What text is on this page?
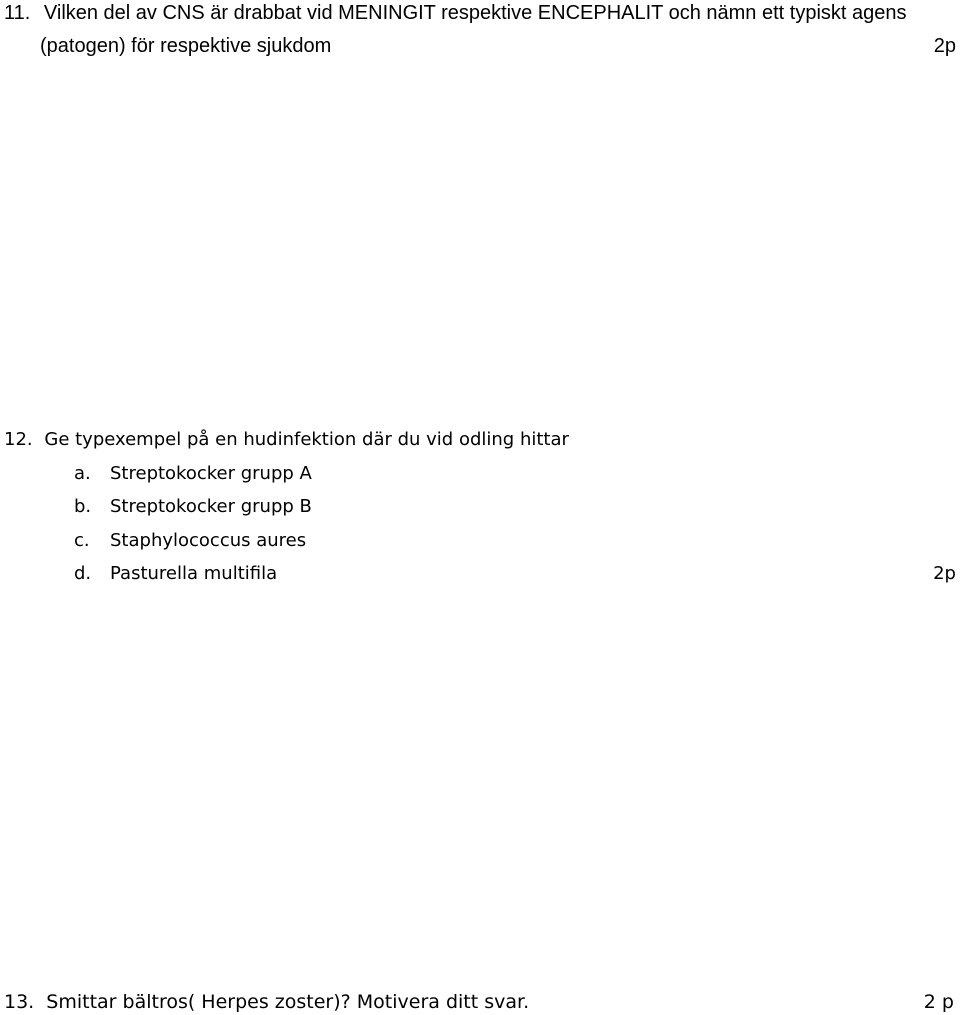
11. Vilken del av CNS är drabbat vid MENINGIT respektive ENCEPHALIT och nämn ett typiskt agens
(patogen) för respektive sjukdom	2p
12. Ge typexempel på en hudinfektion där du vid odling hittar
a. Streptokocker grupp A
b. Streptokocker grupp B
c. Staphylococcus aures
d. Pasturella multifila	2p
13. Smittar bältros( Herpes zoster)? Motivera ditt svar.	2 p
